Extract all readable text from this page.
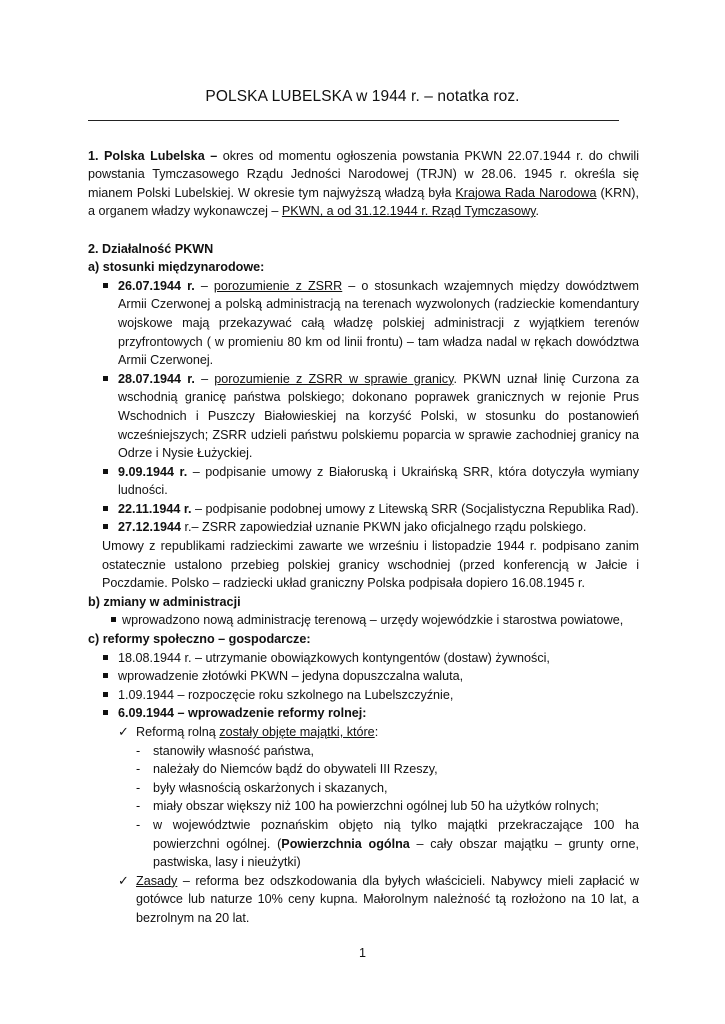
POLSKA LUBELSKA w 1944 r. – notatka roz.

1. Polska Lubelska – okres od momentu ogłoszenia powstania PKWN 22.07.1944 r. do chwili powstania Tymczasowego Rządu Jedności Narodowej (TRJN) w 28.06. 1945 r. określa się mianem Polski Lubelskiej. W okresie tym najwyższą władzą była Krajowa Rada Narodowa (KRN), a organem władzy wykonawczej – PKWN, a od 31.12.1944 r. Rząd Tymczasowy.

2. Działalność PKWN

a) stosunki międzynarodowe:

26.07.1944 r. – porozumienie z ZSRR – o stosunkach wzajemnych między dowództwem Armii Czerwonej a polską administracją na terenach wyzwolonych (radzieckie komendantury wojskowe mają przekazywać całą władzę polskiej administracji z wyjątkiem terenów przyfrontowych ( w promieniu 80 km od linii frontu) – tam władza nadal w rękach dowództwa Armii Czerwonej.
28.07.1944 r. – porozumienie z ZSRR w sprawie granicy. PKWN uznał linię Curzona za wschodnią granicę państwa polskiego; dokonano poprawek granicznych w rejonie Prus Wschodnich i Puszczy Białowieskiej na korzyść Polski, w stosunku do postanowień wcześniejszych; ZSRR udzieli państwu polskiemu poparcia w sprawie zachodniej granicy na Odrze i Nysie Łużyckiej.
9.09.1944 r. – podpisanie umowy z Białoruską i Ukraińską SRR, która dotyczyła wymiany ludności.
22.11.1944 r. – podpisanie podobnej umowy z Litewską SRR (Socjalistyczna Republika Rad).
27.12.1944 r.– ZSRR zapowiedział uznanie PKWN jako oficjalnego rządu polskiego.

Umowy z republikami radzieckimi zawarte we wrześniu i listopadzie 1944 r. podpisano zanim ostatecznie ustalono przebieg polskiej granicy wschodniej (przed konferencją w Jałcie i Poczdamie. Polsko – radziecki układ graniczny Polska podpisała dopiero 16.08.1945 r.

b) zmiany w administracji

wprowadzono nową administrację terenową – urzędy wojewódzkie i starostwa powiatowe,

c) reformy społeczno – gospodarcze:

18.08.1944 r. – utrzymanie obowiązkowych kontyngentów (dostaw) żywności,
wprowadzenie złotówki PKWN – jedyna dopuszczalna waluta,
1.09.1944 – rozpoczęcie roku szkolnego na Lubelszczyźnie,
6.09.1944 – wprowadzenie reformy rolnej:
✓ Reformą rolną zostały objęte majątki, które:
- stanowiły własność państwa,
- należały do Niemców bądź do obywateli III Rzeszy,
- były własnością oskarżonych i skazanych,
- miały obszar większy niż 100 ha powierzchni ogólnej lub 50 ha użytków rolnych;
- w województwie poznańskim objęto nią tylko majątki przekraczające 100 ha powierzchni ogólnej. (Powierzchnia ogólna – cały obszar majątku – grunty orne, pastwiska, lasy i nieużytki)
✓ Zasady – reforma bez odszkodowania dla byłych właścicieli. Nabywcy mieli zapłacić w gotówce lub naturze 10% ceny kupna. Małorolnym należność tą rozłożono na 10 lat, a bezrolnym na 20 lat.
1
